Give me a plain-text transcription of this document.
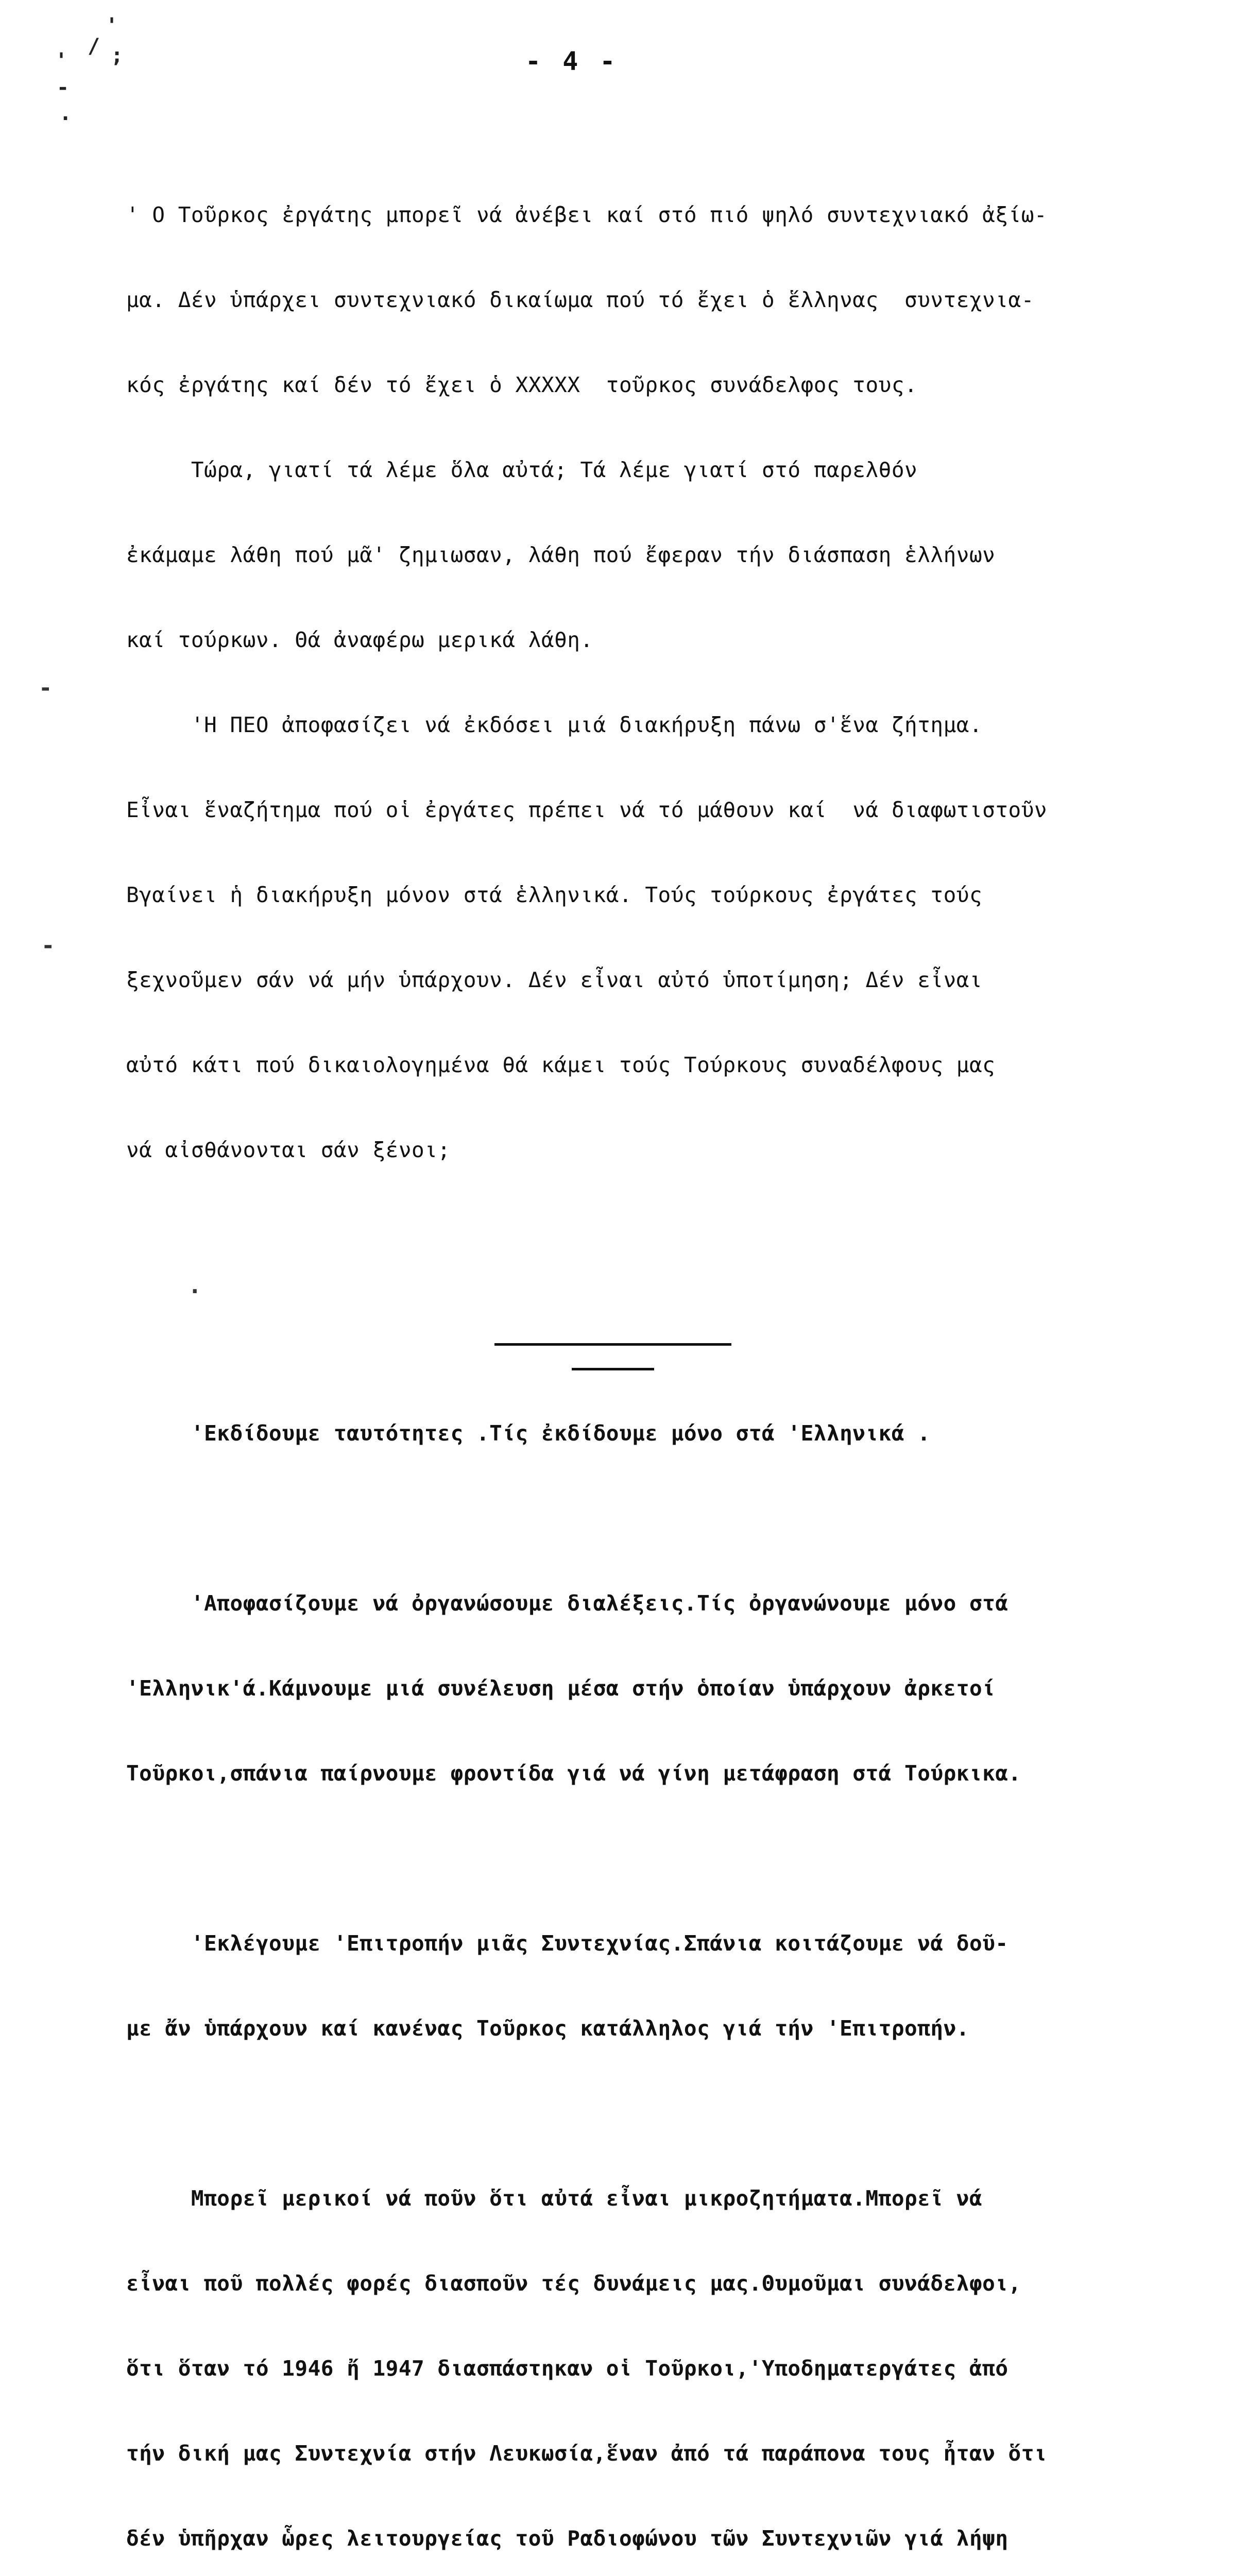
'
/ ;
'
-
.
-
-
.
- 4 -

' Ο Τοῦρκος ἐργάτης μπορεῖ νά ἀνέβει καί στό πιό ψηλό συντεχνιακό ἀξίω-

μα. Δέν ὑπάρχει συντεχνιακό δικαίωμα πού τό ἔχει ὁ ἕλληνας  συντεχνια-

κός ἐργάτης καί δέν τό ἔχει ὁ XXXXX  τοῦρκος συνάδελφος τους.

Τώρα, γιατί τά λέμε ὅλα αὐτά; Τά λέμε γιατί στό παρελθόν

ἐκάμαμε λάθη πού μᾶ' ζημιωσαν, λάθη πού ἔφεραν τήν διάσπαση ἑλλήνων

καί τούρκων. Θά ἀναφέρω μερικά λάθη.

'Η ΠΕΟ ἀποφασίζει νά ἐκδόσει μιά διακήρυξη πάνω σ'ἕνα ζήτημα.

Εἶναι ἕναζήτημα πού οἱ ἐργάτες πρέπει νά τό μάθουν καί  νά διαφωτιστοῦν

Βγαίνει ἡ διακήρυξη μόνον στά ἑλληνικά. Τούς τούρκους ἐργάτες τούς

ξεχνοῦμεν σάν νά μήν ὑπάρχουν. Δέν εἶναι αὐτό ὑποτίμηση; Δέν εἶναι

αὐτό κάτι πού δικαιολογημένα θά κάμει τούς Τούρκους συναδέλφους μας

νά αἰσθάνονται σάν ξένοι;

'Εκδίδουμε ταυτότητες .Τίς ἐκδίδουμε μόνο στά 'Ελληνικά .

'Αποφασίζουμε νά ὀργανώσουμε διαλέξεις.Τίς ὀργανώνουμε μόνο στά

'Ελληνικ'ά.Κάμνουμε μιά συνέλευση μέσα στήν ὁποίαν ὑπάρχουν ἀρκετοί

Τοῦρκοι,σπάνια παίρνουμε φροντίδα γιά νά γίνη μετάφραση στά Τούρκικα.

'Εκλέγουμε 'Επιτροπήν μιᾶς Συντεχνίας.Σπάνια κοιτάζουμε νά δοῦ-

με ἄν ὑπάρχουν καί κανένας Τοῦρκος κατάλληλος γιά τήν 'Επιτροπήν.

Μπορεῖ μερικοί νά ποῦν ὅτι αὐτά εἶναι μικροζητήματα.Μπορεῖ νά

εἶναι ποῦ πολλές φορές διασποῦν τές δυνάμεις μας.Θυμοῦμαι συνάδελφοι,

ὅτι ὅταν τό 1946 ἤ 1947 διασπάστηκαν οἱ Τοῦρκοι,'Υποδηματεργάτες ἀπό

τήν δική μας Συντεχνία στήν Λευκωσία,ἕναν ἀπό τά παράπονα τους ἦταν ὅτι

δέν ὑπῆρχαν ὧρες λειτουργείας τοῦ Ραδιοφώνου τῶν Συντεχνιῶν γιά λήψη
